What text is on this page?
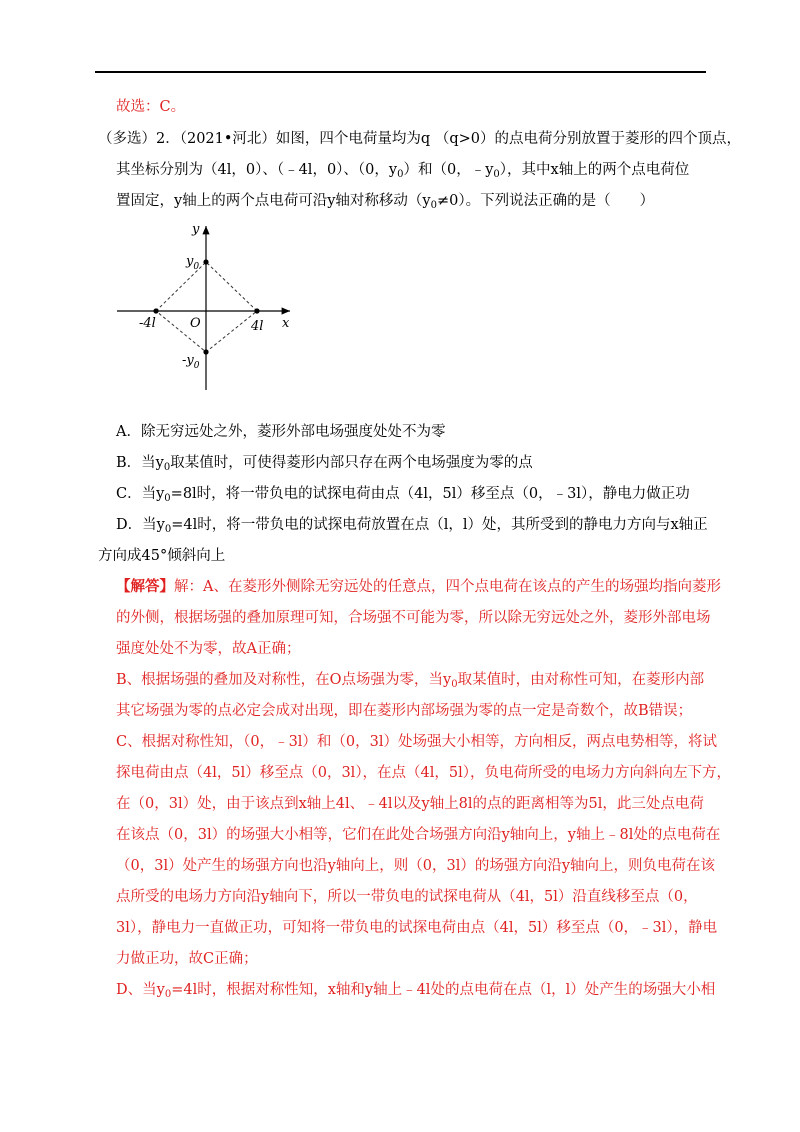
故选：C。
（多选）2．（2021•河北）如图，四个电荷量均为q （q>0）的点电荷分别放置于菱形的四个顶点，
其坐标分别为（4l，0）、（﹣4l，0）、（0，$y_0$）和（0，$﹣y_0$），其中x轴上的两个点电荷位
置固定，y轴上的两个点电荷可沿y轴对称移动$(y_0\ne 0)$。下列说法正确的是（　　）
x
y
O
$y_0$
$-y_0$
-4l	4l
A．除无穷远处之外，菱形外部电场强度处处不为零
B．当$y_0$取某值时，可使得菱形内部只存在两个电场强度为零的点
C．当$y_0=8l$时，将一带负电的试探电荷由点（4l，5l）移至点（0，﹣3l），静电力做正功
D．当$y_0=4l$时，将一带负电的试探电荷放置在点（l，l）处，其所受到的静电力方向与x轴正
方向成45°倾斜向上
【解答】解：A、在菱形外侧除无穷远处的任意点，四个点电荷在该点的产生的场强均指向菱形
的外侧，根据场强的叠加原理可知，合场强不可能为零，所以除无穷远处之外，菱形外部电场
强度处处不为零，故A正确；
B、根据场强的叠加及对称性，在O点场强为零，当$y_0$取某值时，由对称性可知，在菱形内部
其它场强为零的点必定会成对出现，即在菱形内部场强为零的点一定是奇数个，故B错误；
C、根据对称性知，（0，﹣3l）和（0，3l）处场强大小相等，方向相反，两点电势相等，将试
探电荷由点（4l，5l）移至点（0，3l），在点（4l，5l），负电荷所受的电场力方向斜向左下方，
在（0，3l）处，由于该点到x轴上4l、﹣4l以及y轴上8l的点的距离相等为5l，此三处点电荷
在该点（0，3l）的场强大小相等，它们在此处合场强方向沿y轴向上，y轴上﹣8l处的点电荷在
（0，3l）处产生的场强方向也沿y轴向上，则（0，3l）的场强方向沿y轴向上，则负电荷在该
点所受的电场力方向沿y轴向下，所以一带负电的试探电荷从（4l，5l）沿直线移至点（0，
3l），静电力一直做正功，可知将一带负电的试探电荷由点（4l，5l）移至点（0，﹣3l），静电
力做正功，故C正确；
D、当$y_0=4l$时，根据对称性知，x轴和y轴上﹣4l处的点电荷在点（l，l）处产生的场强大小相
